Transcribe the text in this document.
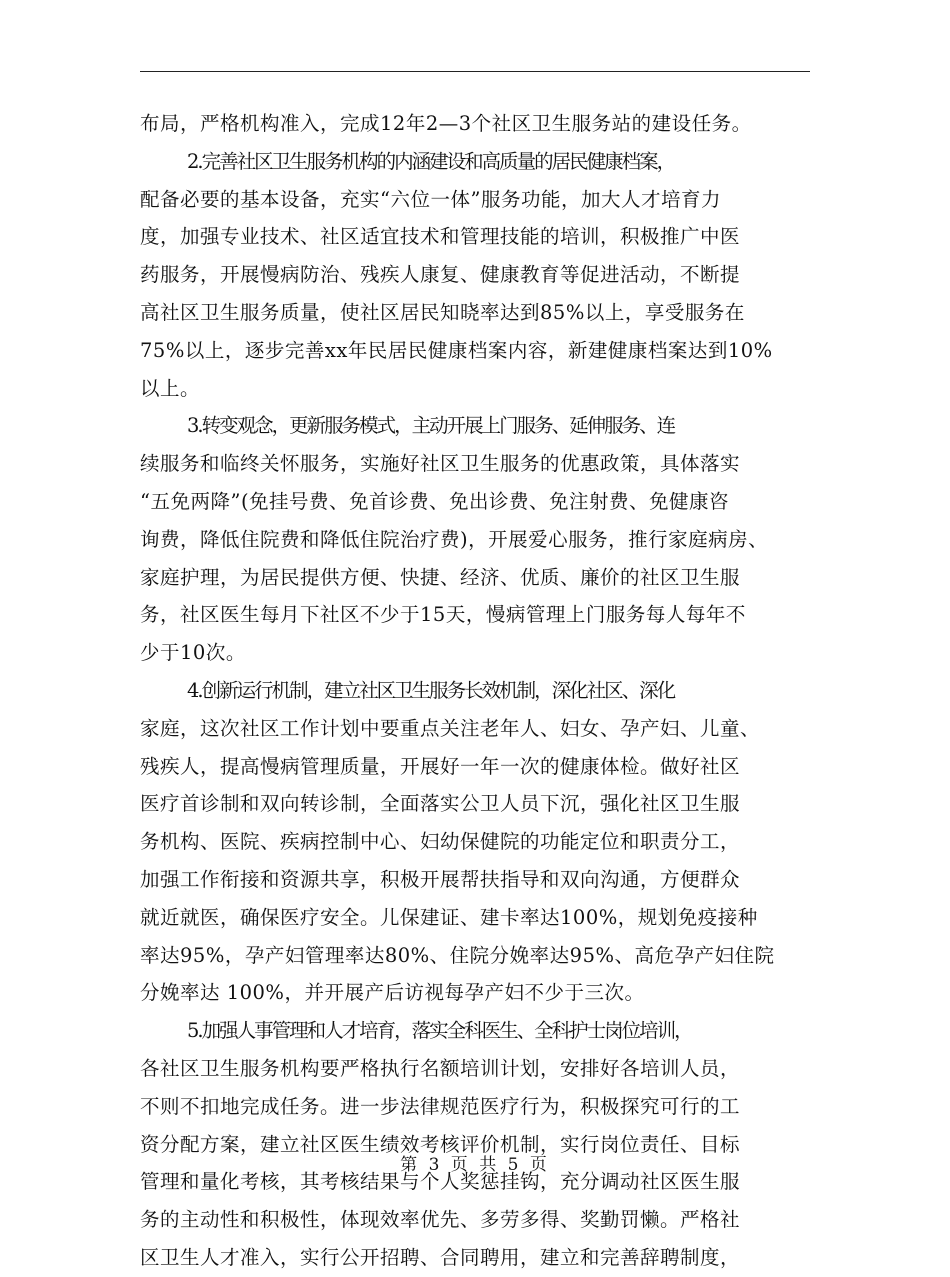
布局，严格机构准入，完成12年2—3个社区卫生服务站的建设任务。
2.完善社区卫生服务机构的内涵建设和高质量的居民健康档案，
配备必要的基本设备，充实“六位一体”服务功能，加大人才培育力
度，加强专业技术、社区适宜技术和管理技能的培训，积极推广中医
药服务，开展慢病防治、残疾人康复、健康教育等促进活动，不断提
高社区卫生服务质量，使社区居民知晓率达到85%以上，享受服务在
75%以上，逐步完善xx年民居民健康档案内容，新建健康档案达到10%
以上。
3.转变观念，更新服务模式，主动开展上门服务、延伸服务、连
续服务和临终关怀服务，实施好社区卫生服务的优惠政策，具体落实
“五免两降”(免挂号费、免首诊费、免出诊费、免注射费、免健康咨
询费，降低住院费和降低住院治疗费)，开展爱心服务，推行家庭病房、
家庭护理，为居民提供方便、快捷、经济、优质、廉价的社区卫生服
务，社区医生每月下社区不少于15天，慢病管理上门服务每人每年不
少于10次。
4.创新运行机制，建立社区卫生服务长效机制，深化社区、深化
家庭，这次社区工作计划中要重点关注老年人、妇女、孕产妇、儿童、
残疾人，提高慢病管理质量，开展好一年一次的健康体检。做好社区
医疗首诊制和双向转诊制，全面落实公卫人员下沉，强化社区卫生服
务机构、医院、疾病控制中心、妇幼保健院的功能定位和职责分工，
加强工作衔接和资源共享，积极开展帮扶指导和双向沟通，方便群众
就近就医，确保医疗安全。儿保建证、建卡率达100%，规划免疫接种
率达95%，孕产妇管理率达80%、住院分娩率达95%、高危孕产妇住院
分娩率达 100%，并开展产后访视每孕产妇不少于三次。
5.加强人事管理和人才培育，落实全科医生、全科护士岗位培训，
各社区卫生服务机构要严格执行名额培训计划，安排好各培训人员，
不则不扣地完成任务。进一步法律规范医疗行为，积极探究可行的工
资分配方案，建立社区医生绩效考核评价机制，实行岗位责任、目标
管理和量化考核，其考核结果与个人奖惩挂钩，充分调动社区医生服
务的主动性和积极性，体现效率优先、多劳多得、奖勤罚懒。严格社
区卫生人才准入，实行公开招聘、合同聘用，建立和完善辞聘制度，
第 3 页 共 5 页
